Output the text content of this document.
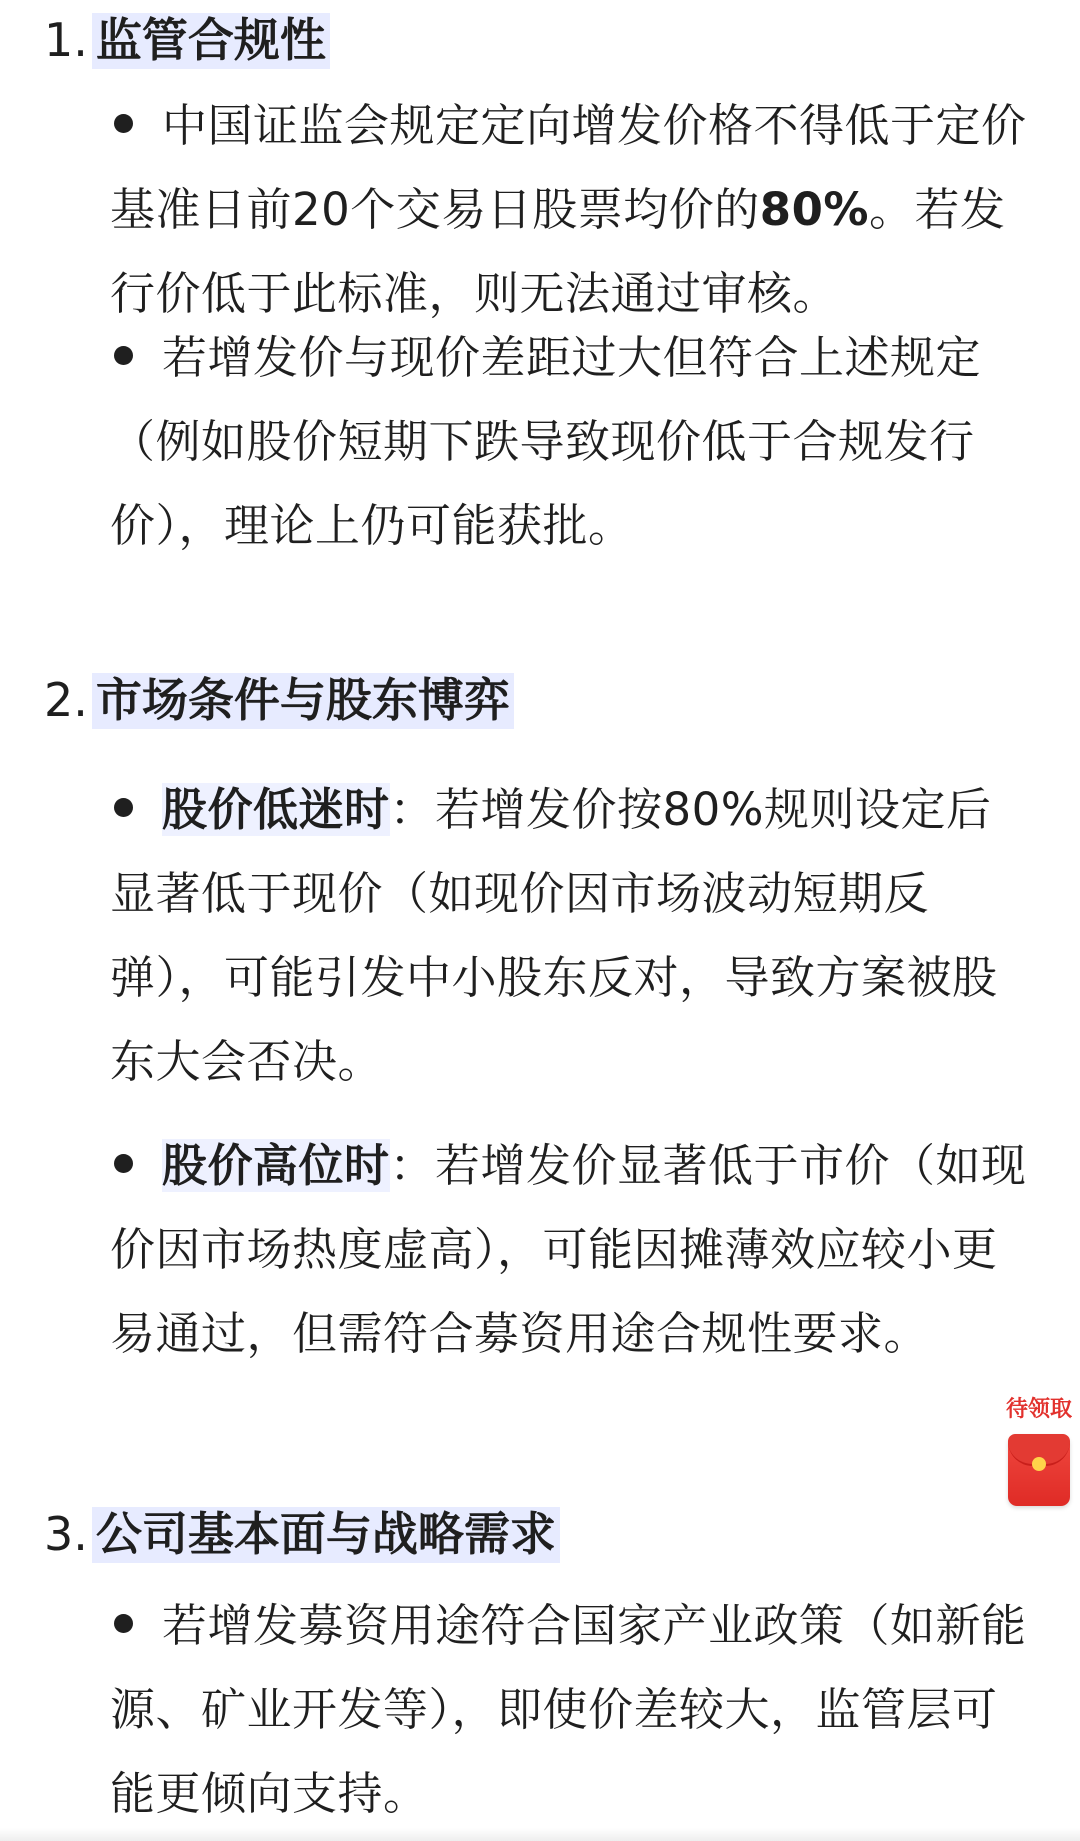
1. 监管合规性
中国证监会规定定向增发价格不得低于定价基准日前20个交易日股票均价的80%。若发行价低于此标准，则无法通过审核。
若增发价与现价差距过大但符合上述规定（例如股价短期下跌导致现价低于合规发行价），理论上仍可能获批。
2. 市场条件与股东博弈
股价低迷时：若增发价按80%规则设定后显著低于现价（如现价因市场波动短期反弹），可能引发中小股东反对，导致方案被股东大会否决。
股价高位时：若增发价显著低于市价（如现价因市场热度虚高），可能因摊薄效应较小更易通过，但需符合募资用途合规性要求。
3. 公司基本面与战略需求
若增发募资用途符合国家产业政策（如新能源、矿业开发等），即使价差较大，监管层可能更倾向支持。
待领取
